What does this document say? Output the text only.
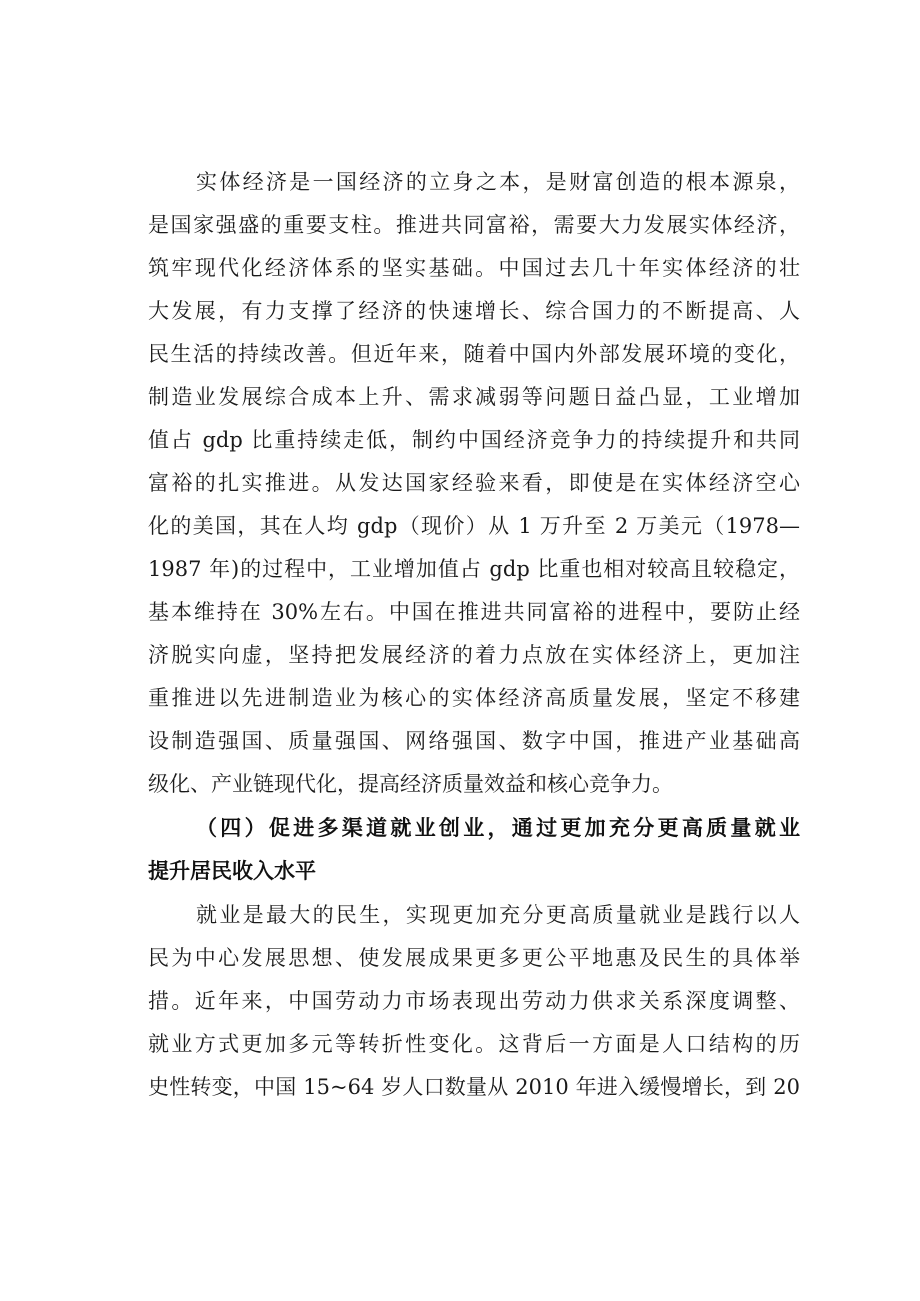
实体经济是一国经济的立身之本，是财富创造的根本源泉，
是国家强盛的重要支柱。推进共同富裕，需要大力发展实体经济，
筑牢现代化经济体系的坚实基础。中国过去几十年实体经济的壮
大发展，有力支撑了经济的快速增长、综合国力的不断提高、人
民生活的持续改善。但近年来，随着中国内外部发展环境的变化，
制造业发展综合成本上升、需求减弱等问题日益凸显，工业增加
值占 gdp 比重持续走低，制约中国经济竞争力的持续提升和共同
富裕的扎实推进。从发达国家经验来看，即使是在实体经济空心
化的美国，其在人均 gdp（现价）从 1 万升至 2 万美元（1978—
1987 年)的过程中，工业增加值占 gdp 比重也相对较高且较稳定，
基本维持在 30%左右。中国在推进共同富裕的进程中，要防止经
济脱实向虚，坚持把发展经济的着力点放在实体经济上，更加注
重推进以先进制造业为核心的实体经济高质量发展，坚定不移建
设制造强国、质量强国、网络强国、数字中国，推进产业基础高
级化、产业链现代化，提高经济质量效益和核心竞争力。
（四）促进多渠道就业创业，通过更加充分更高质量就业
提升居民收入水平
就业是最大的民生，实现更加充分更高质量就业是践行以人
民为中心发展思想、使发展成果更多更公平地惠及民生的具体举
措。近年来，中国劳动力市场表现出劳动力供求关系深度调整、
就业方式更加多元等转折性变化。这背后一方面是人口结构的历
史性转变，中国 15~64 岁人口数量从 2010 年进入缓慢增长，到 20
